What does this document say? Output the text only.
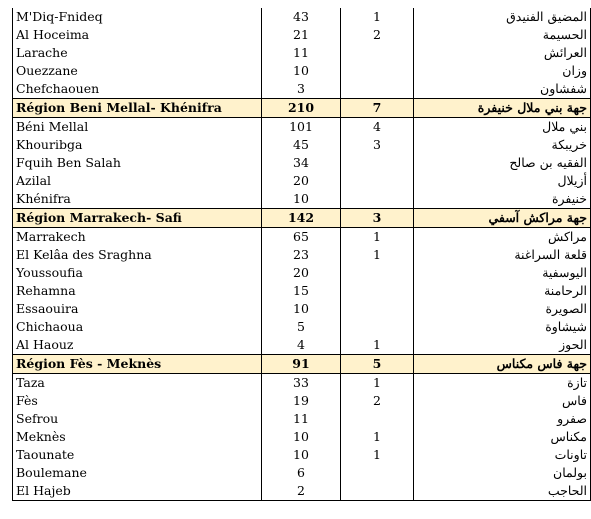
M'Diq-Fnideq	43	1	المضيق الفنيدق
Al Hoceima	21	2	الحسيمة
Larache	11		العرائش
Ouezzane	10		وزان
Chefchaouen	3		شفشاون
Région Beni Mellal- Khénifra	210	7	جهة بني ملال خنيفرة
Béni Mellal	101	4	بني ملال
Khouribga	45	3	خريبكة
Fquih Ben Salah	34		الفقيه بن صالح
Azilal	20		أزيلال
Khénifra	10		خنيفرة
Région Marrakech- Safi	142	3	جهة مراكش آسفي
Marrakech	65	1	مراكش
El Kelâa des Sraghna	23	1	قلعة السراغنة
Youssoufia	20		اليوسفية
Rehamna	15		الرحامنة
Essaouira	10		الصويرة
Chichaoua	5		شيشاوة
Al Haouz	4	1	الحوز
Région Fès - Meknès	91	5	جهة فاس مكناس
Taza	33	1	تازة
Fès	19	2	فاس
Sefrou	11		صفرو
Meknès	10	1	مكناس
Taounate	10	1	تاونات
Boulemane	6		بولمان
El Hajeb	2		الحاجب
